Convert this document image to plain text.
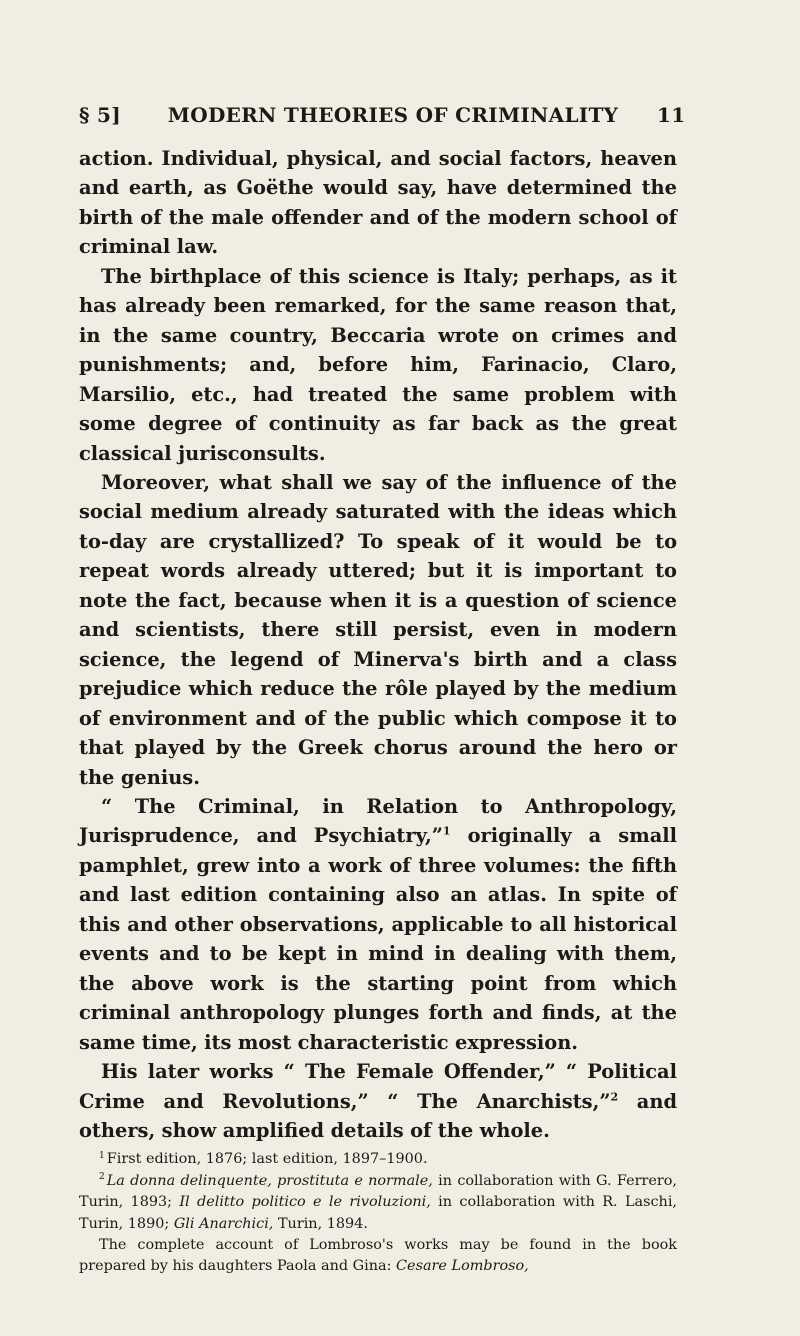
§ 5]	MODERN THEORIES OF CRIMINALITY	11

action. Individual, physical, and social factors, heaven and earth, as Goëthe would say, have determined the birth of the male offender and of the modern school of criminal law.

The birthplace of this science is Italy; perhaps, as it has already been remarked, for the same reason that, in the same country, Beccaria wrote on crimes and punishments; and, before him, Farinacio, Claro, Marsilio, etc., had treated the same problem with some degree of continuity as far back as the great classical jurisconsults.

Moreover, what shall we say of the influence of the social medium already saturated with the ideas which to-day are crystallized? To speak of it would be to repeat words already uttered; but it is important to note the fact, because when it is a question of science and scientists, there still persist, even in modern science, the legend of Minerva's birth and a class prejudice which reduce the rôle played by the medium of environment and of the public which compose it to that played by the Greek chorus around the hero or the genius.

“ The Criminal, in Relation to Anthropology, Jurisprudence, and Psychiatry,”$^1$ originally a small pamphlet, grew into a work of three volumes: the fifth and last edition containing also an atlas. In spite of this and other observations, applicable to all historical events and to be kept in mind in dealing with them, the above work is the starting point from which criminal anthropology plunges forth and finds, at the same time, its most characteristic expression.

His later works “ The Female Offender,” “ Political Crime and Revolutions,” “ The Anarchists,”$^2$ and others, show amplified details of the whole.

$^1$ First edition, 1876; last edition, 1897–1900.

$^2$ La donna delinquente, prostituta e normale, in collaboration with G. Ferrero, Turin, 1893; Il delitto politico e le rivoluzioni, in collaboration with R. Laschi, Turin, 1890; Gli Anarchici, Turin, 1894.

The complete account of Lombroso's works may be found in the book prepared by his daughters Paola and Gina: Cesare Lombroso,
